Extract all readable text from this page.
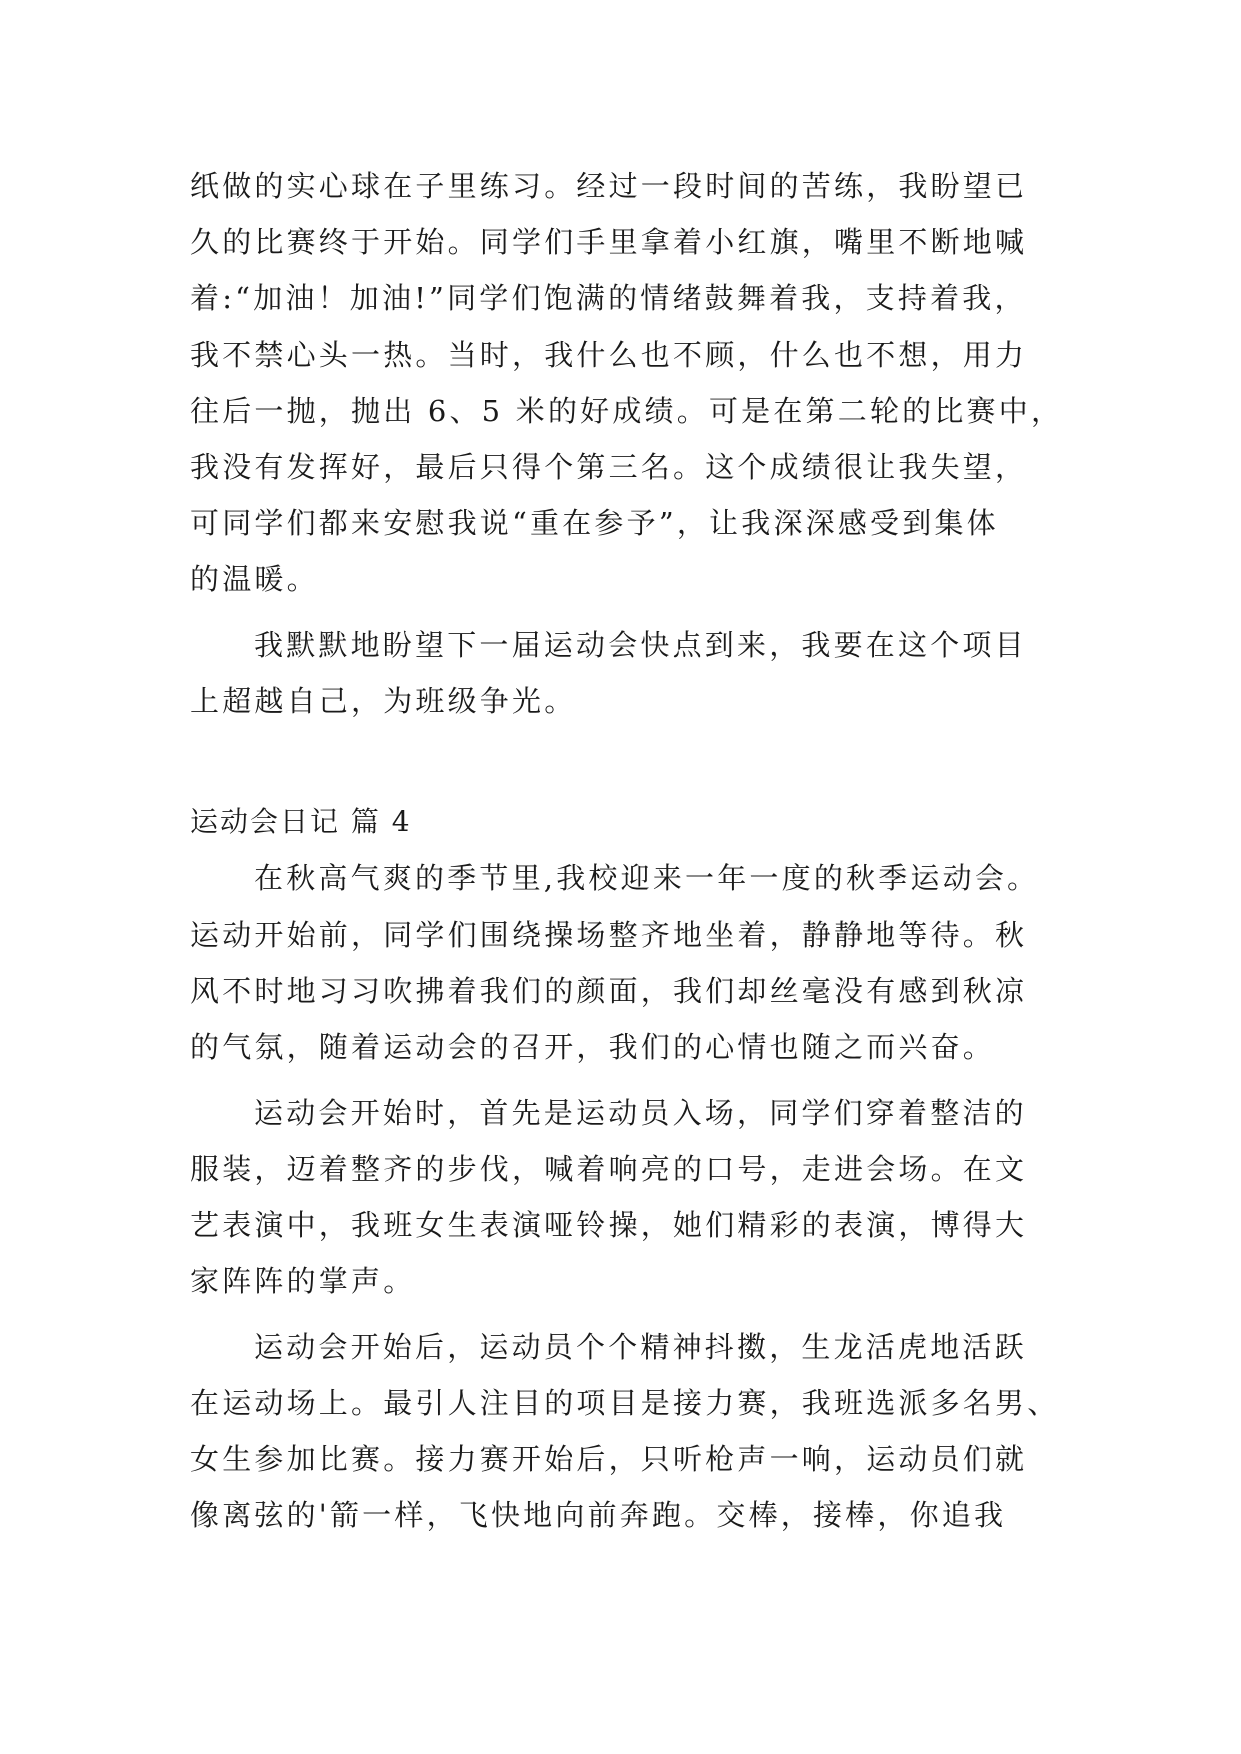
纸做的实心球在子里练习。经过一段时间的苦练，我盼望已
久的比赛终于开始。同学们手里拿着小红旗，嘴里不断地喊
着:“加油！加油!”同学们饱满的情绪鼓舞着我，支持着我，
我不禁心头一热。当时，我什么也不顾，什么也不想，用力
往后一抛，抛出 6、5 米的好成绩。可是在第二轮的比赛中，
我没有发挥好，最后只得个第三名。这个成绩很让我失望，
可同学们都来安慰我说“重在参予”，让我深深感受到集体
的温暖。
我默默地盼望下一届运动会快点到来，我要在这个项目
上超越自己，为班级争光。
运动会日记 篇 4
在秋高气爽的季节里,我校迎来一年一度的秋季运动会。
运动开始前，同学们围绕操场整齐地坐着，静静地等待。秋
风不时地习习吹拂着我们的颜面，我们却丝毫没有感到秋凉
的气氛，随着运动会的召开，我们的心情也随之而兴奋。
运动会开始时，首先是运动员入场，同学们穿着整洁的
服装，迈着整齐的步伐，喊着响亮的口号，走进会场。在文
艺表演中，我班女生表演哑铃操，她们精彩的表演，博得大
家阵阵的掌声。
运动会开始后，运动员个个精神抖擞，生龙活虎地活跃
在运动场上。最引人注目的项目是接力赛，我班选派多名男、
女生参加比赛。接力赛开始后，只听枪声一响，运动员们就
像离弦的'箭一样，飞快地向前奔跑。交棒，接棒，你追我
